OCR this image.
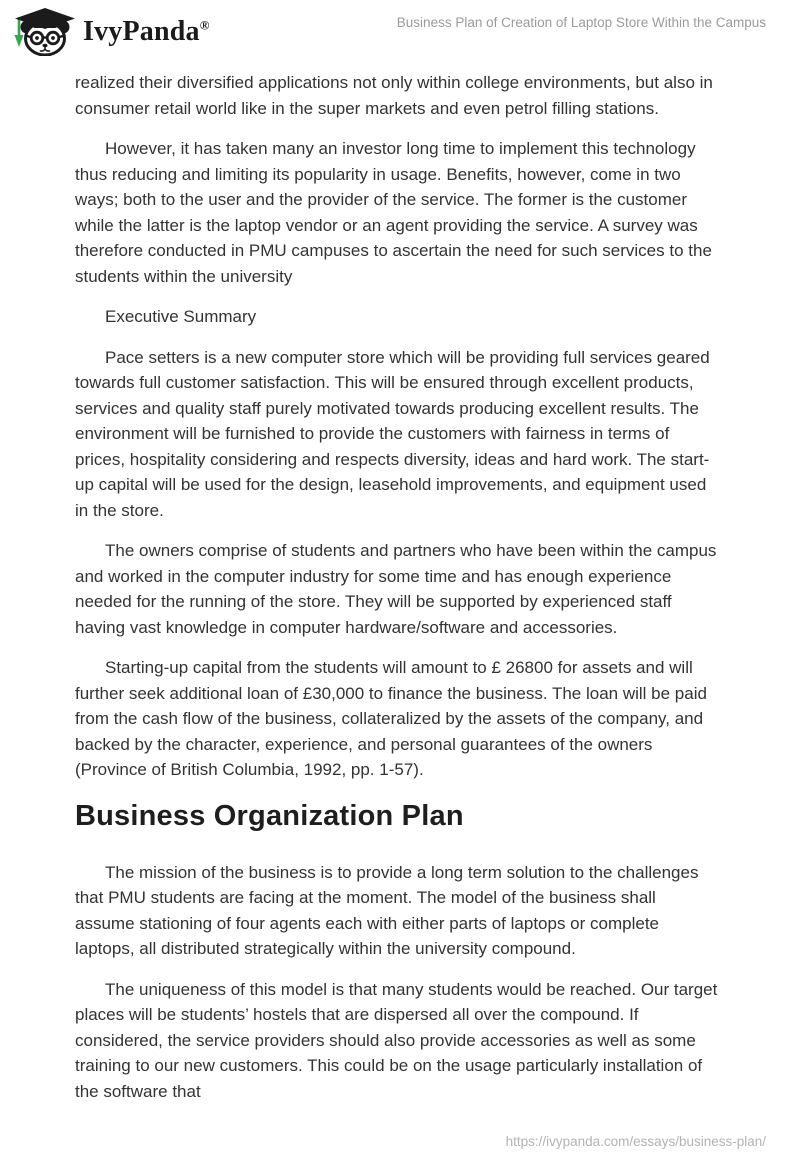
IvyPanda®	Business Plan of Creation of Laptop Store Within the Campus

realized their diversified applications not only within college environments, but also in consumer retail world like in the super markets and even petrol filling stations.

However, it has taken many an investor long time to implement this technology thus reducing and limiting its popularity in usage. Benefits, however, come in two ways; both to the user and the provider of the service. The former is the customer while the latter is the laptop vendor or an agent providing the service. A survey was therefore conducted in PMU campuses to ascertain the need for such services to the students within the university

Executive Summary

Pace setters is a new computer store which will be providing full services geared towards full customer satisfaction. This will be ensured through excellent products, services and quality staff purely motivated towards producing excellent results. The environment will be furnished to provide the customers with fairness in terms of prices, hospitality considering and respects diversity, ideas and hard work. The start-up capital will be used for the design, leasehold improvements, and equipment used in the store.

The owners comprise of students and partners who have been within the campus and worked in the computer industry for some time and has enough experience needed for the running of the store. They will be supported by experienced staff having vast knowledge in computer hardware/software and accessories.

Starting-up capital from the students will amount to £ 26800 for assets and will further seek additional loan of £30,000 to finance the business. The loan will be paid from the cash flow of the business, collateralized by the assets of the company, and backed by the character, experience, and personal guarantees of the owners (Province of British Columbia, 1992, pp. 1-57).

Business Organization Plan

The mission of the business is to provide a long term solution to the challenges that PMU students are facing at the moment. The model of the business shall assume stationing of four agents each with either parts of laptops or complete laptops, all distributed strategically within the university compound.

The uniqueness of this model is that many students would be reached. Our target places will be students’ hostels that are dispersed all over the compound. If considered, the service providers should also provide accessories as well as some training to our new customers. This could be on the usage particularly installation of the software that

https://ivypanda.com/essays/business-plan/
